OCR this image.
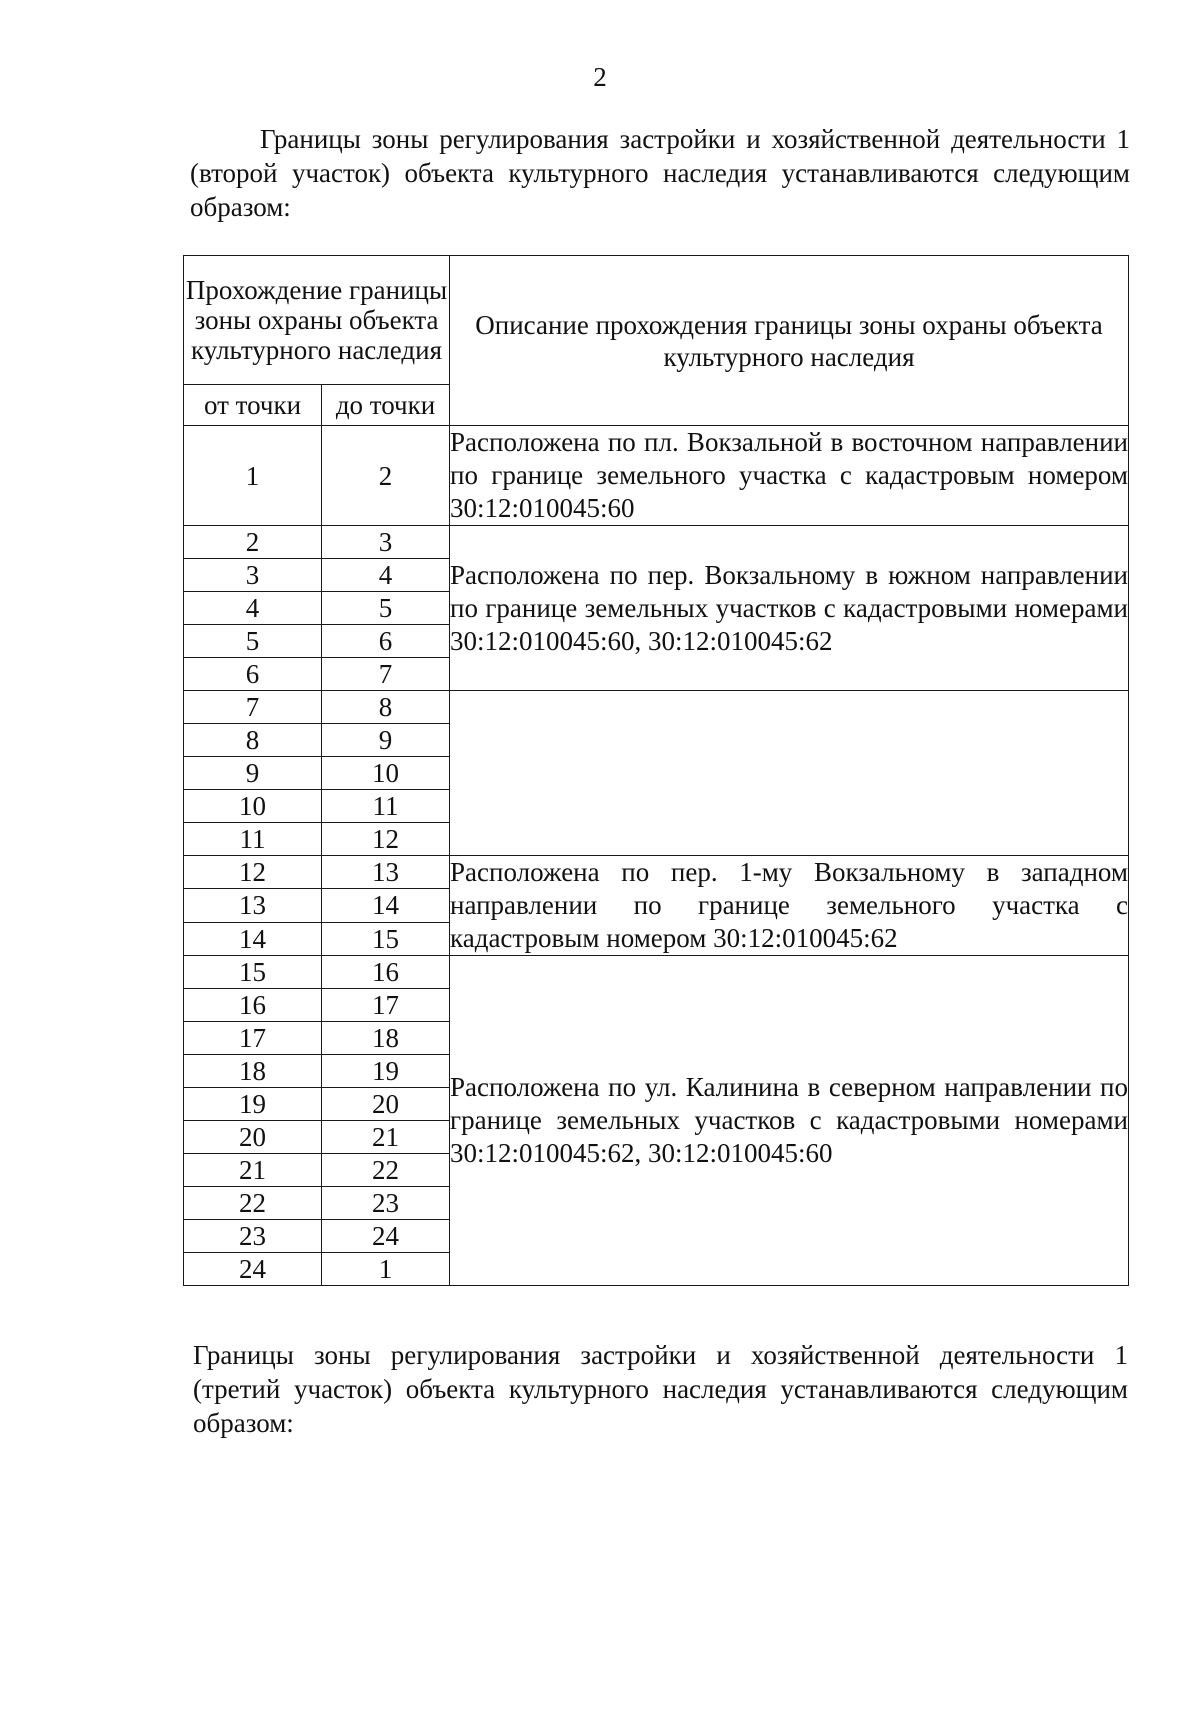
2
Границы зоны регулирования застройки и хозяйственной деятельности 1 (второй участок) объекта культурного наследия устанавливаются следующим образом:
Прохождение границы зоны охраны объекта культурного наследия		Описание прохождения границы зоны охраны объекта культурного наследия
от точки	до точки	
1	2	Расположена по пл. Вокзальной в восточном направлении по границе земельного участка с кадастровым номером 30:12:010045:60
2	3	Расположена по пер. Вокзальному в южном направлении по границе земельных участков с кадастровыми номерами 30:12:010045:60, 30:12:010045:62
3	4	
4	5	
5	6	
6	7	
7	8	
8	9	
9	10	
10	11	
11	12	
12	13	Расположена по пер. 1-му Вокзальному в западном направлении по границе земельного участка с кадастровым номером 30:12:010045:62
13	14	
14	15	
15	16	Расположена по ул. Калинина в северном направлении по границе земельных участков с кадастровыми номерами 30:12:010045:62, 30:12:010045:60
16	17	
17	18	
18	19	
19	20	
20	21	
21	22	
22	23	
23	24	
24	1	
Границы зоны регулирования застройки и хозяйственной деятельности 1 (третий участок) объекта культурного наследия устанавливаются следующим образом:
